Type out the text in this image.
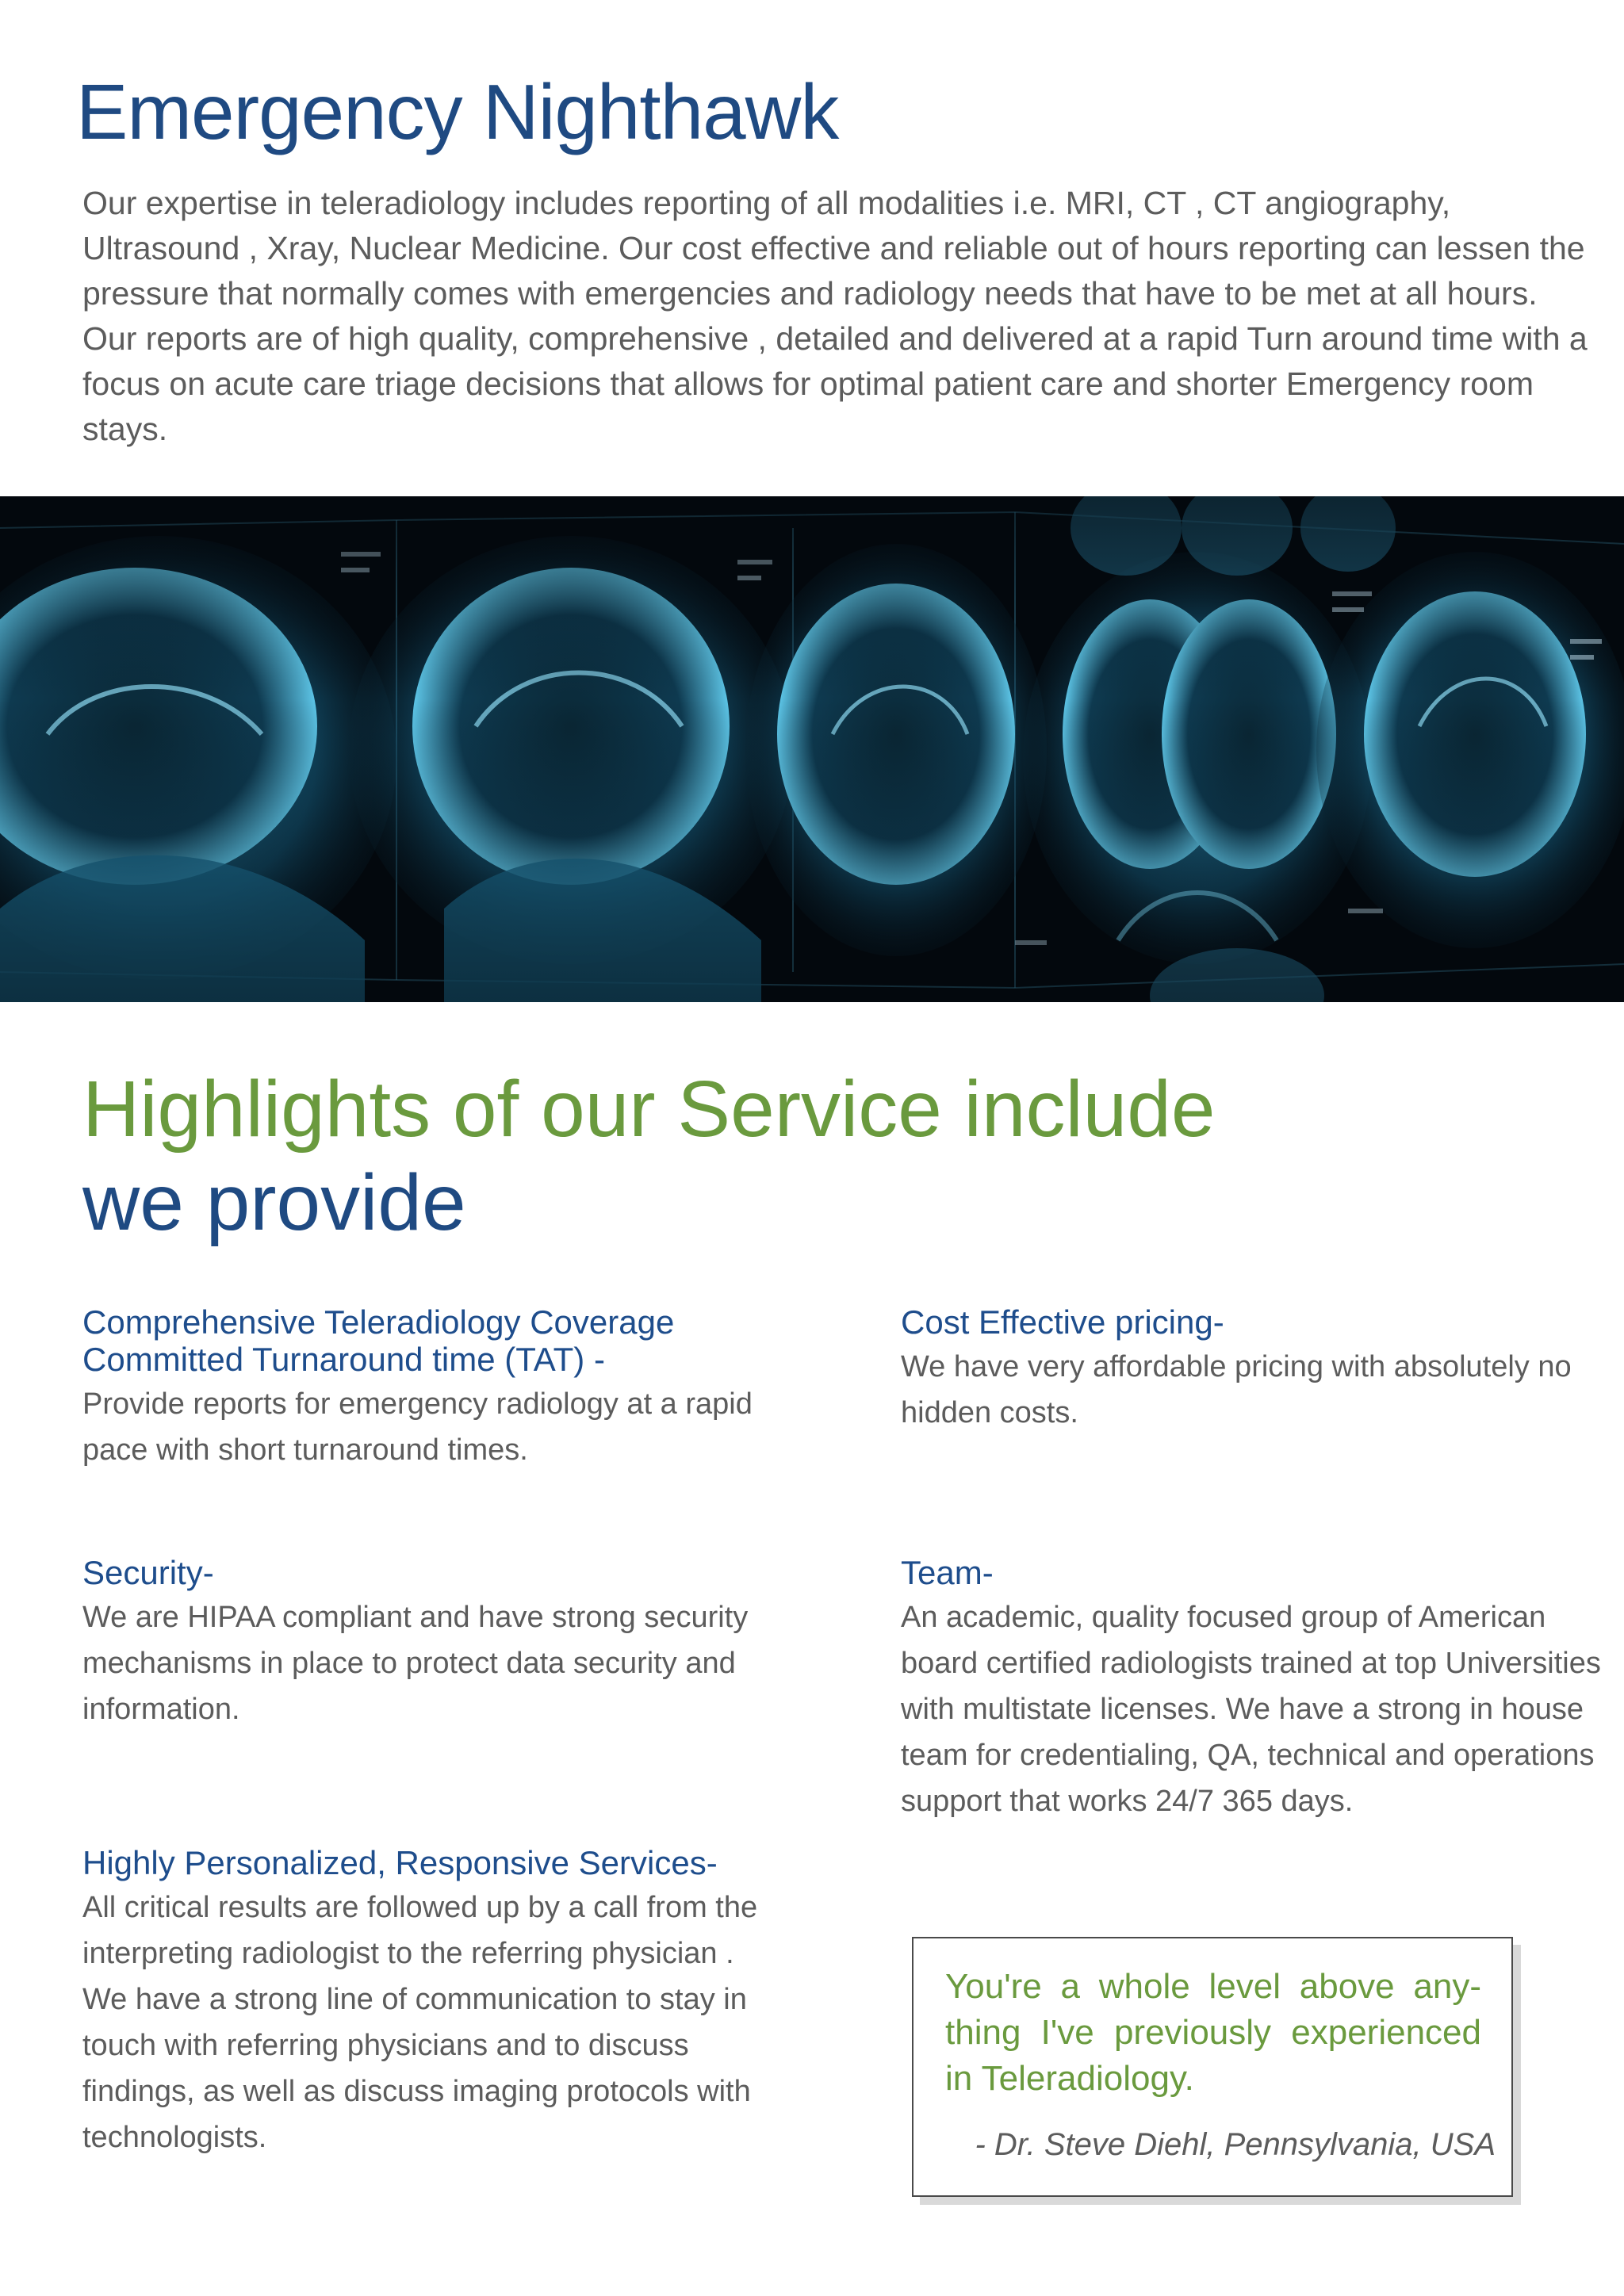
Emergency Nighthawk

Our expertise in teleradiology includes reporting of all modalities i.e. MRI, CT , CT angiography, Ultrasound , Xray, Nuclear Medicine. Our cost effective and reliable out of hours reporting can lessen the pressure that normally comes with emergencies and radiology needs that have to be met at all hours. Our reports are of high quality, comprehensive , detailed and delivered at a rapid Turn around time with a focus on acute care triage decisions that allows for optimal patient care and shorter Emergency room stays.

Highlights of our Service include
we provide

Comprehensive Teleradiology Coverage
Committed Turnaround time (TAT) -

Provide reports for emergency radiology at a rapid pace with short turnaround times.

Cost Effective pricing-

We have very affordable pricing with absolutely no hidden costs.

Security-

We are HIPAA compliant and have strong security mechanisms in place to protect data security and information.

Team-

An academic, quality focused group of American board certified radiologists trained at top Universities with multistate licenses. We have a strong in house team for credentialing, QA, technical and operations support that works 24/7 365 days.

Highly Personalized, Responsive Services-

All critical results are followed up by a call from the interpreting radiologist to the referring physician . We have a strong line of communication to stay in touch with referring physicians and to discuss findings, as well as discuss imaging protocols with technologists.

You're a whole level above any-thing I've previously experienced in Teleradiology.

- Dr. Steve Diehl, Pennsylvania, USA
